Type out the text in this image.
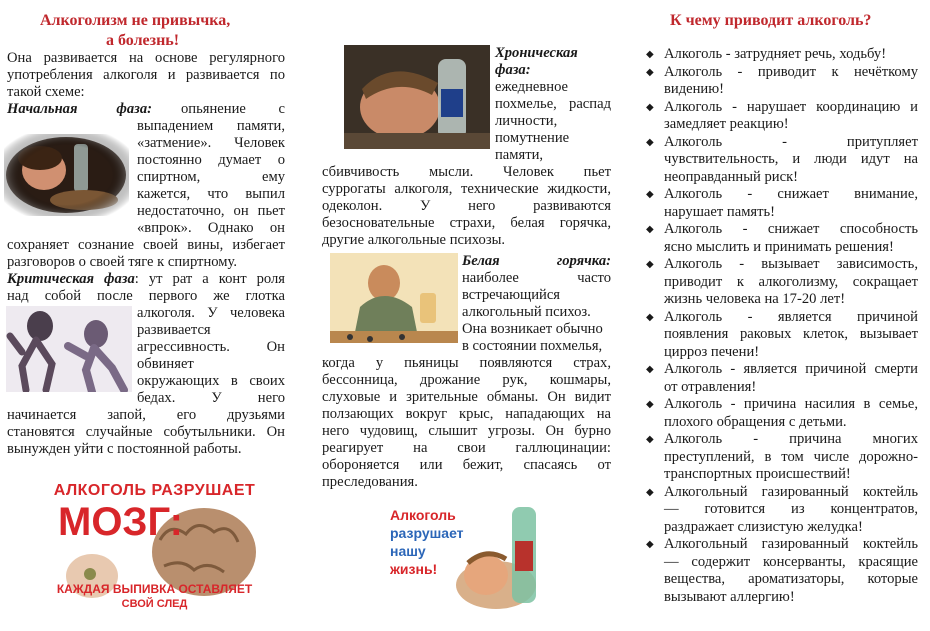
Алкоголизм не привычка,

а болезнь!

Она развивается на основе регулярного

употребления алкоголя и развивается по

такой схеме:

Начальная фаза: опьянение с

выпадением памяти,

«затмение». Человек

постоянно думает о

спиртном, ему

кажется, что выпил

недостаточно, он пьет

«впрок». Однако он

сохраняет сознание своей вины, избегает

разговоров о своей тяге к спиртному.

Критическая фаза: ут рат а конт роля

над собой после первого же глотка

алкоголя. У человека

развивается

агрессивность. Он

обвиняет

окружающих в своих

бедах. У него

начинается запой, его друзьями

становятся случайные собутыльники. Он

вынужден уйти с постоянной работы.

АЛКОГОЛЬ РАЗРУШАЕТ
МОЗГ:
КАЖДАЯ ВЫПИВКА ОСТАВЛЯЕТ
СВОЙ СЛЕД

Хроническая

фаза:

ежедневное

похмелье, распад

личности,

помутнение

памяти,

сбивчивость мысли. Человек пьет

суррогаты алкоголя, технические жидкости,

одеколон. У него развиваются

безосновательные страхи, белая горячка,

другие алкогольные психозы.

Белая горячка:

наиболее часто

встречающийся

алкогольный психоз.

Она возникает обычно

в состоянии похмелья,

когда у пьяницы появляются страх,

бессонница, дрожание рук, кошмары,

слуховые и зрительные обманы. Он видит

ползающих вокруг крыс, нападающих на

него чудовищ, слышит угрозы. Он бурно

реагирует на свои галлюцинации:

обороняется или бежит, спасаясь от

преследования.

Алкоголь
разрушает
нашу
жизнь!

К чему приводит алкоголь?

◆ Алкоголь - затрудняет речь, ходьбу!

◆ Алкоголь - приводит к нечёткому

видению!

◆ Алкоголь - нарушает координацию и

замедляет реакцию!

◆ Алкоголь - притупляет

чувствительность, и люди идут на

неоправданный риск!

◆ Алкоголь - снижает внимание,

нарушает память!

◆ Алкоголь - снижает способность

ясно мыслить и принимать решения!

◆ Алкоголь - вызывает зависимость,

приводит к алкоголизму, сокращает

жизнь человека на 17-20 лет!

◆ Алкоголь - является причиной

появления раковых клеток, вызывает

цирроз печени!

◆ Алкоголь - является причиной смерти

от отравления!

◆ Алкоголь - причина насилия в семье,

плохого обращения с детьми.

◆ Алкоголь - причина многих

преступлений, в том числе дорожно-

транспортных происшествий!

◆ Алкогольный газированный коктейль

— готовится из концентратов,

раздражает слизистую желудка!

◆ Алкогольный газированный коктейль

— содержит консерванты, красящие

вещества, ароматизаторы, которые

вызывают аллергию!
